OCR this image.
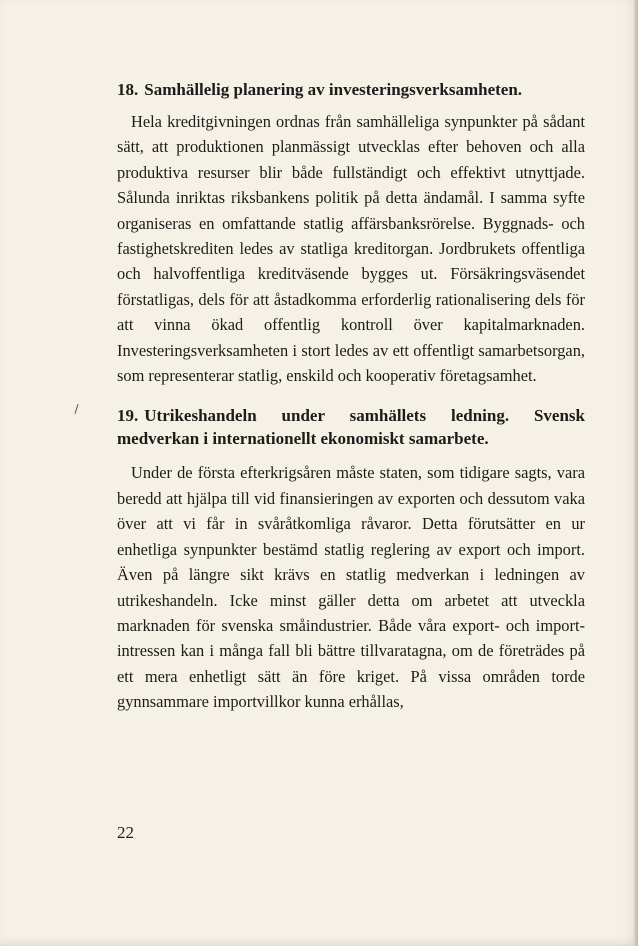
18. Samhällelig planering av investeringsverksamheten.

Hela kreditgivningen ordnas från samhälleliga synpunkter på sådant sätt, att produktionen planmässigt utvecklas efter behoven och alla produktiva resurser blir både fullständigt och effektivt utnyttjade. Sålunda inriktas riksbankens politik på detta ändamål. I samma syfte organiseras en omfattande statlig affärsbanksrörelse. Byggnads- och fastighetskrediten ledes av statliga kreditorgan. Jordbrukets offentliga och halvoffentliga kreditväsende bygges ut. Försäkringsväsendet förstatligas, dels för att åstadkomma erforderlig rationalisering dels för att vinna ökad offentlig kontroll över kapitalmarknaden. Investeringsverksamheten i stort ledes av ett offentligt samarbetsorgan, som representerar statlig, enskild och kooperativ företagsamhet.

19. Utrikeshandeln under samhällets ledning. Svensk medverkan i internationellt ekonomiskt samarbete.

Under de första efterkrigsåren måste staten, som tidigare sagts, vara beredd att hjälpa till vid finansieringen av exporten och dessutom vaka över att vi får in svåråtkomliga råvaror. Detta förutsätter en ur enhetliga synpunkter bestämd statlig reglering av export och import. Även på längre sikt krävs en statlig medverkan i ledningen av utrikeshandeln. Icke minst gäller detta om arbetet att utveckla marknaden för svenska småindustrier. Både våra export- och importintressen kan i många fall bli bättre tillvaratagna, om de företrädes på ett mera enhetligt sätt än före kriget. På vissa områden torde gynnsammare importvillkor kunna erhållas,

22
